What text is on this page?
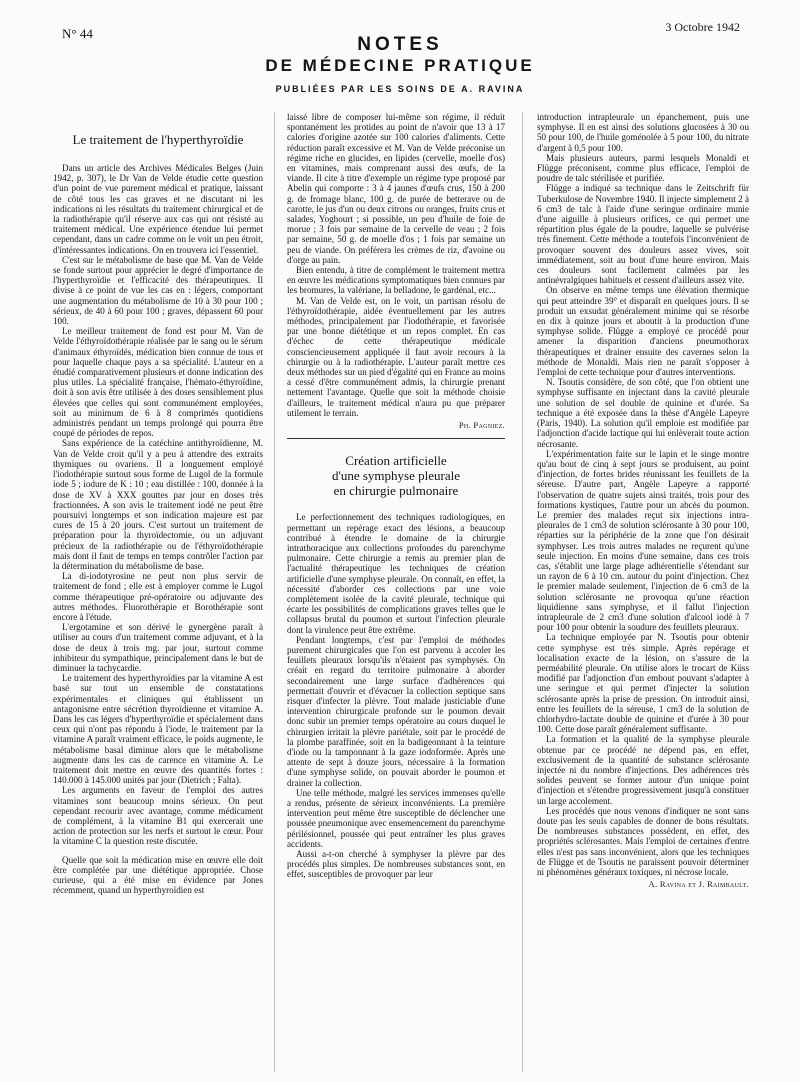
N° 44	3 Octobre 1942
NOTES
DE MÉDECINE PRATIQUE
PUBLIÉES PAR LES SOINS DE A. RAVINA
Le traitement de l'hyperthyroïdie

Dans un article des Archives Médicales Belges (Juin 1942, p. 307), le Dr Van de Velde étudie cette question d'un point de vue purement médical et pratique, laissant de côté tous les cas graves et ne discutant ni les indications ni les résultats du traitement chirurgical et de la radiothérapie qu'il réserve aux cas qui ont résisté au traitement médical. Une expérience étendue lui permet cependant, dans un cadre comme on le voit un peu étroit, d'intéressantes indications. On en trouvera ici l'essentiel.

C'est sur le métabolisme de base que M. Van de Velde se fonde surtout pour apprécier le degré d'importance de l'hyperthyroïdie et l'efficacité des thérapeutiques. Il divise à ce point de vue les cas en : légers, comportant une augmentation du métabolisme de 10 à 30 pour 100 ; sérieux, de 40 à 60 pour 100 ; graves, dépassent 60 pour 100.

Le meilleur traitement de fond est pour M. Van de Velde l'éthyroïdothérapie réalisée par le sang ou le sérum d'animaux éthyroïdés, médication bien connue de tous et pour laquelle chaque pays a sa spécialité. L'auteur en a étudié comparativement plusieurs et donne indication des plus utiles. La spécialité française, l'hémato-éthyroïdine, doit à son avis être utilisée à des doses sensiblement plus élevées que celles qui sont communément employées, soit au minimum de 6 à 8 comprimés quotidiens administrés pendant un temps prolongé qui pourra être coupé de périodes de repos.

Sans expérience de la catéchine antithyroïdienne, M. Van de Velde croit qu'il y a peu à attendre des extraits thymiques ou ovariens. Il a longuement employé l'iodothérapie surtout sous forme de Lugol de la formule iode 5 ; iodure de K : 10 ; eau distillée : 100, donnée à la dose de XV à XXX gouttes par jour en doses très fractionnées. A son avis le traitement iodé ne peut être poursuivi longtemps et son indication majeure est par cures de 15 à 20 jours. C'est surtout un traitement de préparation pour la thyroïdectomie, ou un adjuvant précieux de la radiothérapie ou de l'éthyroïdothérapie mais dont il faut de temps en temps contrôler l'action par la détermination du métabolisme de base.

La di-iodotyrosine ne peut non plus servir de traitement de fond ; elle est à employer comme le Lugol comme thérapeutique pré-opératoire ou adjuvante des autres méthodes. Fluorothérapie et Borothérapie sont encore à l'étude.

L'ergotamine et son dérivé le gynergène paraît à utiliser au cours d'un traitement comme adjuvant, et à la dose de deux à trois mg. par jour, surtout comme inhibiteur du sympathique, principalement dans le but de diminuer la tachycardie.

Le traitement des hyperthyroïdies par la vitamine A est basé sur tout un ensemble de constatations expérimentales et cliniques qui établissent un antagonisme entre sécrétion thyroïdienne et vitamine A. Dans les cas légers d'hyperthyroïdie et spécialement dans ceux qui n'ont pas répondu à l'iode, le traitement par la vitamine A paraît vraiment efficace, le poids augmente, le métabolisme basal diminue alors que le métabolisme augmente dans les cas de carence en vitamine A. Le traitement doit mettre en œuvre des quantités fortes : 140.000 à 145.000 unités par jour (Dietrich ; Falta).

Les arguments en faveur de l'emploi des autres vitamines sont beaucoup moins sérieux. On peut cependant recourir avec avantage, comme médicament de complément, à la vitamine B1 qui exercerait une action de protection sur les nerfs et surtout le cœur. Pour la vitamine C la question reste discutée.

Quelle que soit la médication mise en œuvre elle doit être complétée par une diététique appropriée. Chose curieuse, qui a été mise en évidence par Jones récemment, quand un hyperthyroïdien est

laissé libre de composer lui-même son régime, il réduit spontanément les protides au point de n'avoir que 13 à 17 calories d'origine azotée sur 100 calories d'aliments. Cette réduction paraît excessive et M. Van de Velde préconise un régime riche en glucides, en lipides (cervelle, moelle d'os) en vitamines, mais comprenant aussi des œufs, de la viande. Il cite à titre d'exemple un régime type proposé par Abelin qui comporte : 3 à 4 jaunes d'œufs crus, 150 à 200 g. de fromage blanc, 100 g. de purée de betterave ou de carotte, le jus d'un ou deux citrons ou oranges, fruits crus et salades, Yoghourt ; si possible, un peu d'huile de foie de morue ; 3 fois par semaine de la cervelle de veau ; 2 fois par semaine, 50 g. de moelle d'os ; 1 fois par semaine un peu de viande. On préférera les crèmes de riz, d'avoine ou d'orge au pain.

Bien entendu, à titre de complément le traitement mettra en œuvre les médications symptomatiques bien connues par les bromures, la valériane, la belladone, le gardénal, etc...

M. Van de Velde est, on le voit, un partisan résolu de l'éthyroïdothérapie, aidée éventuellement par les autres méthodes, principalement par l'iodothérapie, et favorisée par une bonne diététique et un repos complet. En cas d'échec de cette thérapeutique médicale consciencieusement appliquée il faut avoir recours à la chirurgie ou à la radiothérapie. L'auteur paraît mettre ces deux méthodes sur un pied d'égalité qui en France au moins a cessé d'être communément admis, la chirurgie prenant nettement l'avantage. Quelle que soit la méthode choisie d'ailleurs, le traitement médical n'aura pu que préparer utilement le terrain.

Ph. Pagniez.
Création artificielle
d'une symphyse pleurale
en chirurgie pulmonaire

Le perfectionnement des techniques radiologiques, en permettant un repérage exact des lésions, a beaucoup contribué à étendre le domaine de la chirurgie intrathoracique aux collections profondes du parenchyme pulmonaire. Cette chirurgie a remis au premier plan de l'actualité thérapeutique les techniques de création artificielle d'une symphyse pleurale. On connaît, en effet, la nécessité d'aborder ces collections par une voie complètement isolée de la cavité pleurale, technique qui écarte les possibilités de complications graves telles que le collapsus brutal du poumon et surtout l'infection pleurale dont la virulence peut être extrême.

Pendant longtemps, c'est par l'emploi de méthodes purement chirurgicales que l'on est parvenu à accoler les feuillets pleuraux lorsqu'ils n'étaient pas symphysés. On créait en regard du territoire pulmonaire à aborder secondairement une large surface d'adhérences qui permettait d'ouvrir et d'évacuer la collection septique sans risquer d'infecter la plèvre. Tout malade justiciable d'une intervention chirurgicale profonde sur le poumon devait donc subir un premier temps opératoire au cours duquel le chirurgien irritait la plèvre pariétale, soit par le procédé de la plombe paraffinée, soit en la badigeonnant à la teinture d'iode ou la tamponnant à la gaze iodoformée. Après une attente de sept à douze jours, nécessaire à la formation d'une symphyse solide, on pouvait aborder le poumon et drainer la collection.

Une telle méthode, malgré les services immenses qu'elle a rendus, présente de sérieux inconvénients. La première intervention peut même être susceptible de déclencher une poussée pneumonique avec ensemencement du parenchyme périlésionnel, poussée qui peut entraîner les plus graves accidents.

Aussi a-t-on cherché à symphyser la plèvre par des procédés plus simples. De nombreuses substances sont, en effet, susceptibles de provoquer par leur

introduction intrapleurale un épanchement, puis une symphyse. Il en est ainsi des solutions glucosées à 30 ou 50 pour 100, de l'huile goménolée à 5 pour 100, du nitrate d'argent à 0,5 pour 100.

Mais plusieurs auteurs, parmi lesquels Monaldi et Flügge préconisent, comme plus efficace, l'emploi de poudre de talc stérilisée et purifiée.

Flügge a indiqué sa technique dans le Zeitschrift für Tuberkulose de Novembre 1940. Il injecte simplement 2 à 6 cm3 de talc à l'aide d'une seringue ordinaire munie d'une aiguille à plusieurs orifices, ce qui permet une répartition plus égale de la poudre, laquelle se pulvérise très finement. Cette méthode a toutefois l'inconvénient de provoquer souvent des douleurs assez vives, soit immédiatement, soit au bout d'une heure environ. Mais ces douleurs sont facilement calmées par les antinévralgiques habituels et cessent d'ailleurs assez vite.

On observe en même temps une élévation thermique qui peut atteindre 39° et disparaît en quelques jours. Il se produit un exsudat généralement minime qui se résorbe en dix à quinze jours et aboutit à la production d'une symphyse solide. Flügge a employé ce procédé pour amener la disparition d'anciens pneumothorax thérapeutiques et drainer ensuite des cavernes selon la méthode de Monaldi. Mais rien ne paraît s'opposer à l'emploi de cette technique pour d'autres interventions.

N. Tsoutis considère, de son côté, que l'on obtient une symphyse suffisante en injectant dans la cavité pleurale une solution de sel double de quinine et d'urée. Sa technique a été exposée dans la thèse d'Angèle Lapeyre (Paris, 1940). La solution qu'il emploie est modifiée par l'adjonction d'acide lactique qui lui enlèverait toute action nécrosante.

L'expérimentation faite sur le lapin et le singe montre qu'au bout de cinq à sept jours se produisent, au point d'injection, de fortes brides réunissant les feuillets de la séreuse. D'autre part, Angèle Lapeyre a rapporté l'observation de quatre sujets ainsi traités, trois pour des formations kystiques, l'autre pour un abcès du poumon. Le premier des malades reçut six injections intra-pleurales de 1 cm3 de solution sclérosante à 30 pour 100, réparties sur la périphérie de la zone que l'on désirait symphyser. Les trois autres malades ne reçurent qu'une seule injection. En moins d'une semaine, dans ces trois cas, s'établit une large plage adhérentielle s'étendant sur un rayon de 6 à 10 cm. autour du point d'injection. Chez le premier malade seulement, l'injection de 6 cm3 de la solution sclérosante ne provoqua qu'une réaction liquidienne sans symphyse, et il fallut l'injection intrapleurale de 2 cm3 d'une solution d'alcool iodé à 7 pour 100 pour obtenir la soudure des feuillets pleuraux.

La technique employée par N. Tsoutis pour obtenir cette symphyse est très simple. Après repérage et localisation exacte de la lésion, on s'assure de la perméabilité pleurale. On utilise alors le trocart de Küss modifié par l'adjonction d'un embout pouvant s'adapter à une seringue et qui permet d'injecter la solution sclérosante après la prise de pression. On introduit ainsi, entre les feuillets de la séreuse, 1 cm3 de la solution de chlorhydro-lactate double de quinine et d'urée à 30 pour 100. Cette dose paraît généralement suffisante.

La formation et la qualité de la symphyse pleurale obtenue par ce procédé ne dépend pas, en effet, exclusivement de la quantité de substance sclérosante injectée ni du nombre d'injections. Des adhérences très solides peuvent se former autour d'un unique point d'injection et s'étendre progressivement jusqu'à constituer un large accolement.

Les procédés que nous venons d'indiquer ne sont sans doute pas les seuls capables de donner de bons résultats. De nombreuses substances possèdent, en effet, des propriétés sclérosantes. Mais l'emploi de certaines d'entre elles n'est pas sans inconvénient, alors que les techniques de Flügge et de Tsoutis ne paraissent pouvoir déterminer ni phénomènes généraux toxiques, ni nécrose locale.

A. Ravina et J. Raimbault.
